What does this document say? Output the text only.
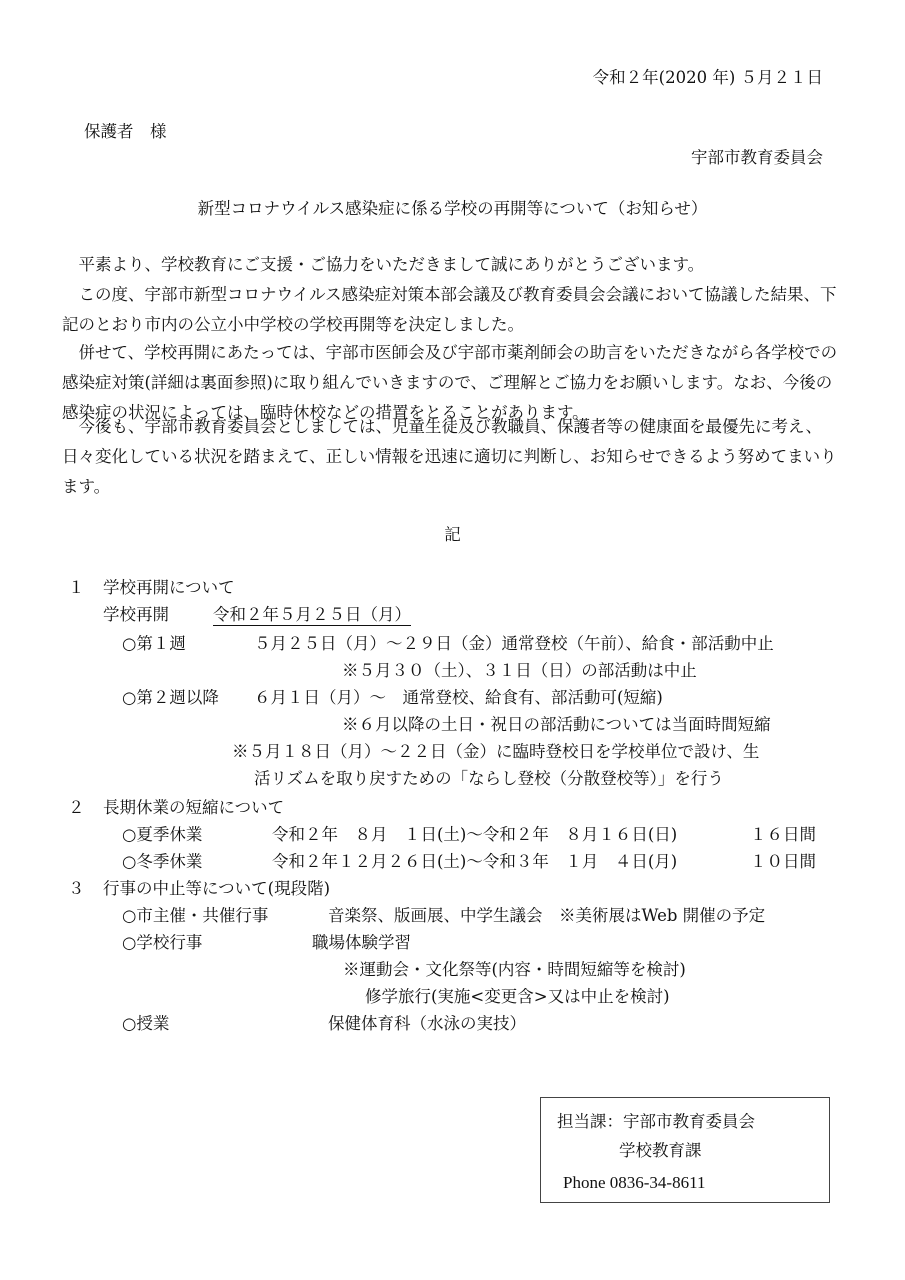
令和２年(2020 年) ５月２１日
保護者　様
宇部市教育委員会
新型コロナウイルス感染症に係る学校の再開等について（お知らせ）

平素より、学校教育にご支援・ご協力をいただきまして誠にありがとうございます。

この度、宇部市新型コロナウイルス感染症対策本部会議及び教育委員会会議において協議した結果、下記のとおり市内の公立小中学校の学校再開等を決定しました。

併せて、学校再開にあたっては、宇部市医師会及び宇部市薬剤師会の助言をいただきながら各学校での感染症対策(詳細は裏面参照)に取り組んでいきますので、ご理解とご協力をお願いします。なお、今後の感染症の状況によっては、臨時休校などの措置をとることがあります。

今後も、宇部市教育委員会としましては、児童生徒及び教職員、保護者等の健康面を最優先に考え、日々変化している状況を踏まえて、正しい情報を迅速に適切に判断し、お知らせできるよう努めてまいります。

記
１ 学校再開について
学校再開	令和２年５月２５日（月）
○第１週	５月２５日（月）～２９日（金）通常登校（午前）、給食・部活動中止
※５月３０（土）、３１日（日）の部活動は中止
○第２週以降 ６月１日（月）～　通常登校、給食有、部活動可(短縮)
※６月以降の土日・祝日の部活動については当面時間短縮
※５月１８日（月）～２２日（金）に臨時登校日を学校単位で設け、生
活リズムを取り戻すための「ならし登校（分散登校等）」を行う
２ 長期休業の短縮について
○夏季休業	令和２年　８月　１日(土)～令和２年　８月１６日(日)	１６日間
○冬季休業	令和２年１２月２６日(土)～令和３年　１月　４日(月)	１０日間
３ 行事の中止等について(現段階)
○市主催・共催行事	音楽祭、版画展、中学生議会　※美術展はWeb 開催の予定
○学校行事	職場体験学習
※運動会・文化祭等(内容・時間短縮等を検討)
修学旅行(実施<変更含>又は中止を検討)
○授業	保健体育科（水泳の実技）
担当課：宇部市教育委員会
学校教育課
Phone 0836-34-8611
